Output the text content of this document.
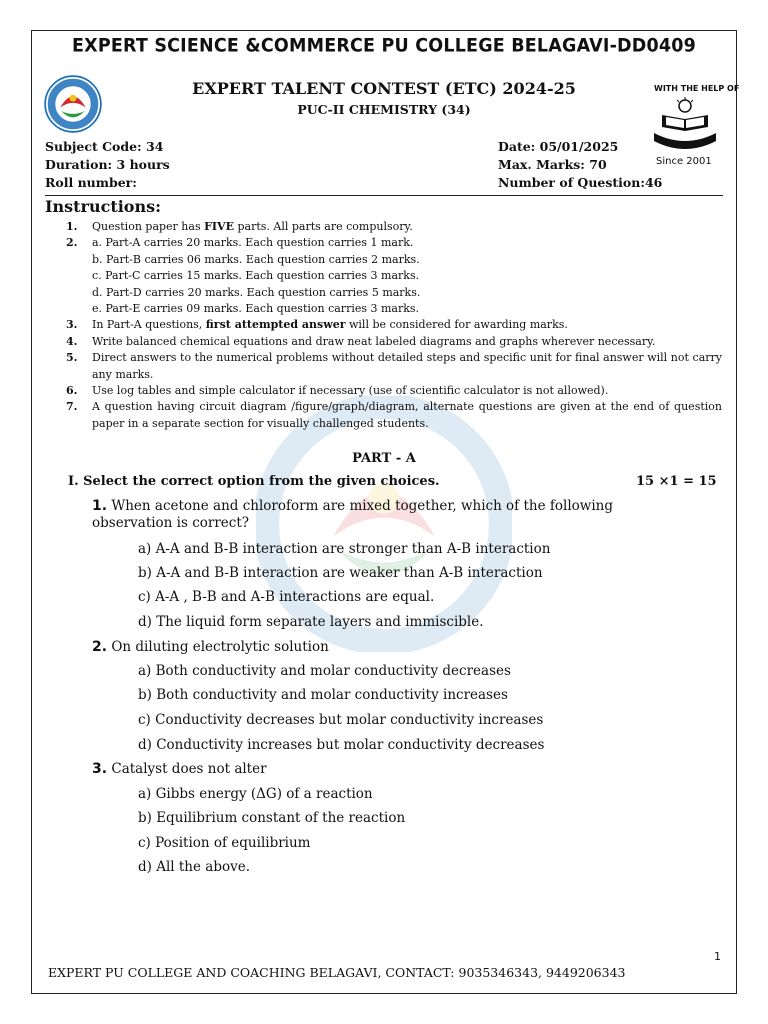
EXPERT SCIENCE &COMMERCE PU COLLEGE BELAGAVI-DD0409
EXPERT TALENT CONTEST (ETC) 2024-25
PUC-II CHEMISTRY (34)
WITH THE HELP OF
Since 2001
Subject Code: 34
Duration: 3 hours
Roll number:
Date: 05/01/2025
Max. Marks: 70
Number of Question:46
Instructions:
1.	Question paper has FIVE parts. All parts are compulsory.
2.	a. Part-A carries 20 marks. Each question carries 1 mark.
b. Part-B carries 06 marks. Each question carries 2 marks.
c. Part-C carries 15 marks. Each question carries 3 marks.
d. Part-D carries 20 marks. Each question carries 5 marks.
e. Part-E carries 09 marks. Each question carries 3 marks.
3.	In Part-A questions, first attempted answer will be considered for awarding marks.
4.	Write balanced chemical equations and draw neat labeled diagrams and graphs wherever necessary.
5.	Direct answers to the numerical problems without detailed steps and specific unit for final answer will not carry any marks.
6.	Use log tables and simple calculator if necessary (use of scientific calculator is not allowed).
7.	A question having circuit diagram /figure/graph/diagram, alternate questions are given at the end of question paper in a separate section for visually challenged students.
PART - A
I. Select the correct option from the given choices.	15 ×1 = 15
1. When acetone and chloroform are mixed together, which of the following observation is correct?
a) A-A and B-B interaction are stronger than A-B interaction
b) A-A and B-B interaction are weaker than A-B interaction
c) A-A , B-B and A-B interactions are equal.
d) The liquid form separate layers and immiscible.
2. On diluting electrolytic solution
a) Both conductivity and molar conductivity decreases
b) Both conductivity and molar conductivity increases
c) Conductivity decreases but molar conductivity increases
d) Conductivity increases but molar conductivity decreases
3. Catalyst does not alter
a) Gibbs energy (ΔG) of a reaction
b) Equilibrium constant of the reaction
c) Position of equilibrium
d) All the above.
1
EXPERT PU COLLEGE AND COACHING BELAGAVI, CONTACT: 9035346343, 9449206343
